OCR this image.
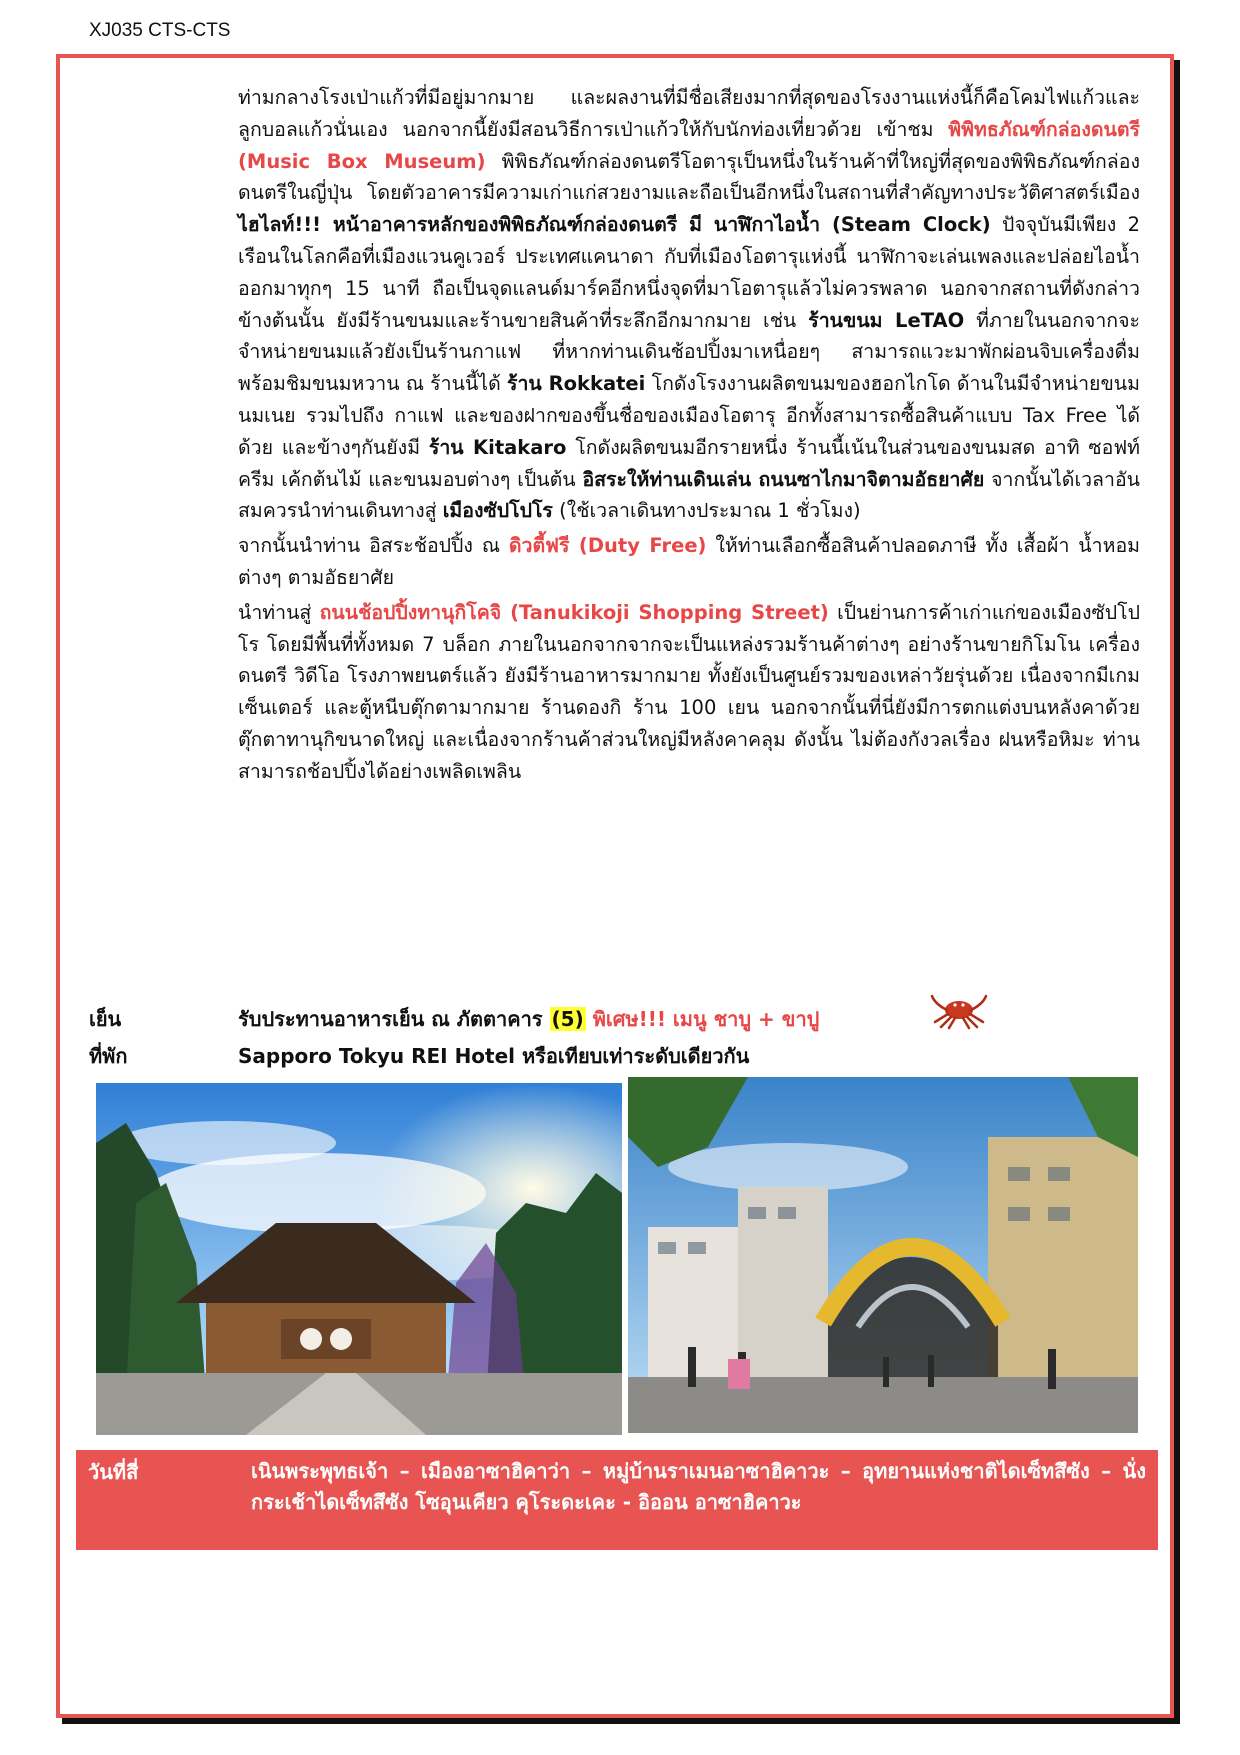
XJ035 CTS-CTS

ท่ามกลางโรงเป่าแก้วที่มีอยู่มากมาย และผลงานที่มีชื่อเสียงมากที่สุดของโรงงานแห่งนี้ก็คือโคมไฟแก้วและลูกบอลแก้วนั่นเอง นอกจากนี้ยังมีสอนวิธีการเป่าแก้วให้กับนักท่องเที่ยวด้วย เข้าชม พิพิทธภัณฑ์กล่องดนตรี (Music Box Museum) พิพิธภัณฑ์กล่องดนตรีโอตารุเป็นหนึ่งในร้านค้าที่ใหญ่ที่สุดของพิพิธภัณฑ์กล่องดนตรีในญี่ปุ่น โดยตัวอาคารมีความเก่าแก่สวยงามและถือเป็นอีกหนึ่งในสถานที่สำคัญทางประวัติศาสตร์เมือง ไฮไลท์!!! หน้าอาคารหลักของพิพิธภัณฑ์กล่องดนตรี มี นาฬิกาไอน้ำ (Steam Clock) ปัจจุบันมีเพียง 2 เรือนในโลกคือที่เมืองแวนคูเวอร์ ประเทศแคนาดา กับที่เมืองโอตารุแห่งนี้ นาฬิกาจะเล่นเพลงและปล่อยไอน้ำออกมาทุกๆ 15 นาที ถือเป็นจุดแลนด์มาร์คอีกหนึ่งจุดที่มาโอตารุแล้วไม่ควรพลาด นอกจากสถานที่ดังกล่าวข้างต้นนั้น ยังมีร้านขนมและร้านขายสินค้าที่ระลึกอีกมากมาย เช่น ร้านขนม LeTAO ที่ภายในนอกจากจะจำหน่ายขนมแล้วยังเป็นร้านกาแฟ ที่หากท่านเดินช้อปปิ้งมาเหนื่อยๆ สามารถแวะมาพักผ่อนจิบเครื่องดื่ม พร้อมชิมขนมหวาน ณ ร้านนี้ได้ ร้าน Rokkatei โกดังโรงงานผลิตขนมของฮอกไกโด ด้านในมีจำหน่ายขนมนมเนย รวมไปถึง กาแฟ และของฝากของขึ้นชื่อของเมืองโอตารุ อีกทั้งสามารถซื้อสินค้าแบบ Tax Free ได้ด้วย และข้างๆกันยังมี ร้าน Kitakaro โกดังผลิตขนมอีกรายหนึ่ง ร้านนี้เน้นในส่วนของขนมสด อาทิ ซอฟท์ครีม เค้กต้นไม้ และขนมอบต่างๆ เป็นต้น อิสระให้ท่านเดินเล่น ถนนซาไกมาจิตามอัธยาศัย จากนั้นได้เวลาอันสมควรนำท่านเดินทางสู่ เมืองซัปโปโร (ใช้เวลาเดินทางประมาณ 1 ชั่วโมง)

จากนั้นนำท่าน อิสระช้อปปิ้ง ณ ดิวตี้ฟรี (Duty Free) ให้ท่านเลือกซื้อสินค้าปลอดภาษี ทั้ง เสื้อผ้า น้ำหอม ต่างๆ ตามอัธยาศัย

นำท่านสู่ ถนนช้อปปิ้งทานุกิโคจิ (Tanukikoji Shopping Street) เป็นย่านการค้าเก่าแก่ของเมืองซัปโปโร โดยมีพื้นที่ทั้งหมด 7 บล็อก ภายในนอกจากจากจะเป็นแหล่งรวมร้านค้าต่างๆ อย่างร้านขายกิโมโน เครื่องดนตรี วิดีโอ โรงภาพยนตร์แล้ว ยังมีร้านอาหารมากมาย ทั้งยังเป็นศูนย์รวมของเหล่าวัยรุ่นด้วย เนื่องจากมีเกมเซ็นเตอร์ และตู้หนีบตุ๊กตามากมาย ร้านดองกิ ร้าน 100 เยน นอกจากนั้นที่นี่ยังมีการตกแต่งบนหลังคาด้วยตุ๊กตาทานุกิขนาดใหญ่ และเนื่องจากร้านค้าส่วนใหญ่มีหลังคาคลุม ดังนั้น ไม่ต้องกังวลเรื่อง ฝนหรือหิมะ ท่านสามารถช้อปปิ้งได้อย่างเพลิดเพลิน

เย็น	รับประทานอาหารเย็น ณ ภัตตาคาร (5) พิเศษ!!! เมนู ชาบู + ขาปู
ที่พัก	Sapporo Tokyu REI Hotel หรือเทียบเท่าระดับเดียวกัน
วันที่สี่	เนินพระพุทธเจ้า – เมืองอาซาฮิคาว่า – หมู่บ้านราเมนอาซาฮิคาวะ – อุทยานแห่งชาติไดเซ็ทสึซัง – นั่งกระเช้าไดเซ็ทสึซัง โซอุนเคียว คุโระดะเคะ - อิออน อาซาฮิคาวะ
